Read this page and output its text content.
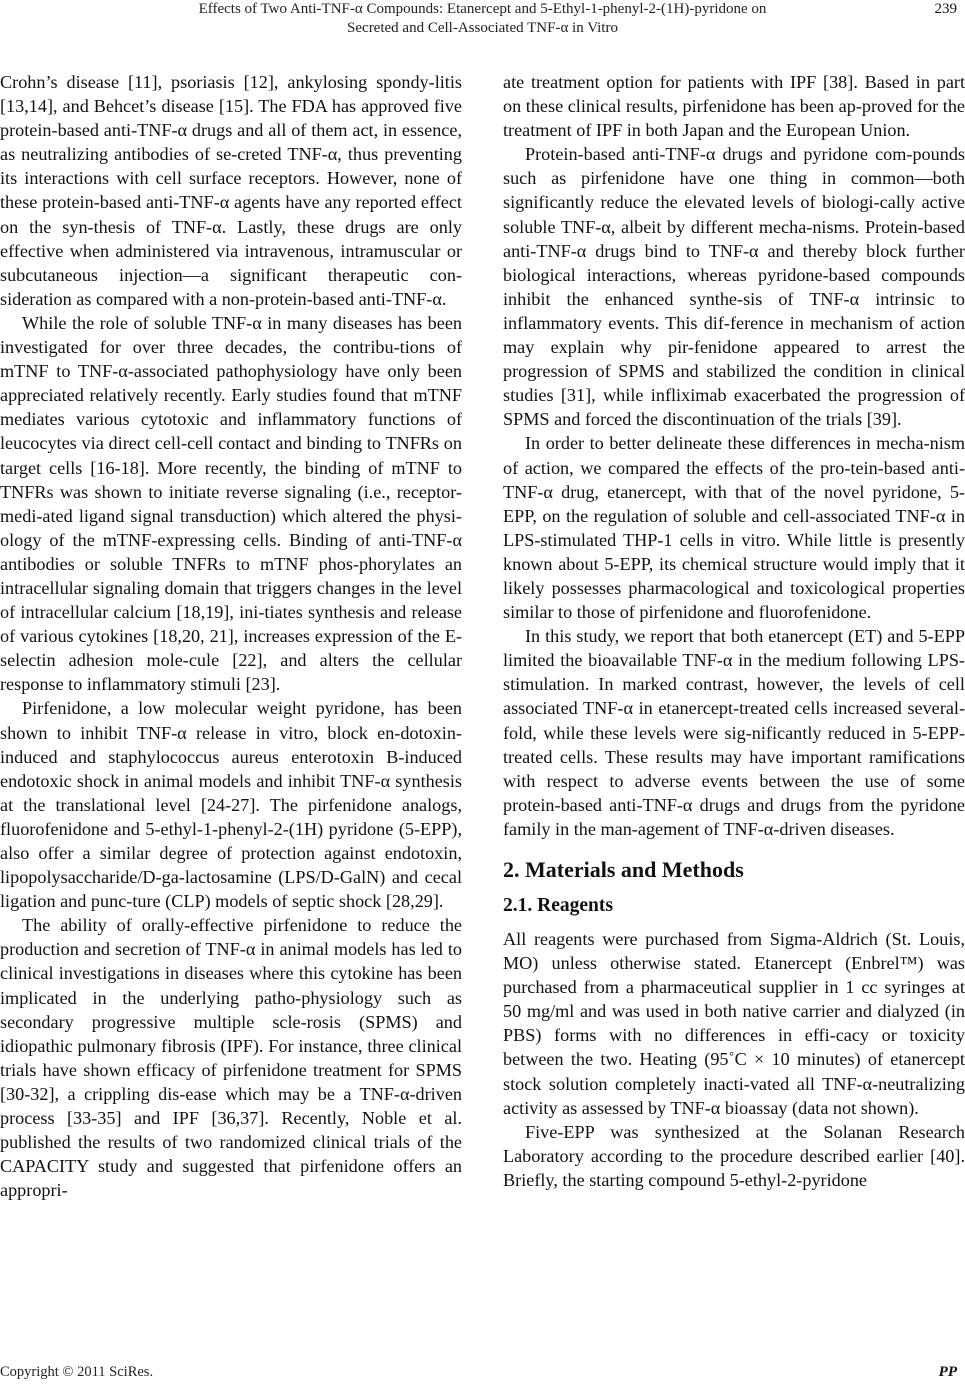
Effects of Two Anti-TNF-α Compounds: Etanercept and 5-Ethyl-1-phenyl-2-(1H)-pyridone on
Secreted and Cell-Associated TNF-α in Vitro
239

Crohn’s disease [11], psoriasis [12], ankylosing spondy-litis [13,14], and Behcet’s disease [15]. The FDA has approved five protein-based anti-TNF-α drugs and all of them act, in essence, as neutralizing antibodies of se-creted TNF-α, thus preventing its interactions with cell surface receptors. However, none of these protein-based anti-TNF-α agents have any reported effect on the syn-thesis of TNF-α. Lastly, these drugs are only effective when administered via intravenous, intramuscular or subcutaneous injection—a significant therapeutic con-sideration as compared with a non-protein-based anti-TNF-α.

While the role of soluble TNF-α in many diseases has been investigated for over three decades, the contribu-tions of mTNF to TNF-α-associated pathophysiology have only been appreciated relatively recently. Early studies found that mTNF mediates various cytotoxic and inflammatory functions of leucocytes via direct cell-cell contact and binding to TNFRs on target cells [16-18]. More recently, the binding of mTNF to TNFRs was shown to initiate reverse signaling (i.e., receptor-medi-ated ligand signal transduction) which altered the physi-ology of the mTNF-expressing cells. Binding of anti-TNF-α antibodies or soluble TNFRs to mTNF phos-phorylates an intracellular signaling domain that triggers changes in the level of intracellular calcium [18,19], ini-tiates synthesis and release of various cytokines [18,20, 21], increases expression of the E-selectin adhesion mole-cule [22], and alters the cellular response to inflammatory stimuli [23].

Pirfenidone, a low molecular weight pyridone, has been shown to inhibit TNF-α release in vitro, block en-dotoxin-induced and staphylococcus aureus enterotoxin B-induced endotoxic shock in animal models and inhibit TNF-α synthesis at the translational level [24-27]. The pirfenidone analogs, fluorofenidone and 5-ethyl-1-phenyl-2-(1H) pyridone (5-EPP), also offer a similar degree of protection against endotoxin, lipopolysaccharide/D-ga-lactosamine (LPS/D-GalN) and cecal ligation and punc-ture (CLP) models of septic shock [28,29].

The ability of orally-effective pirfenidone to reduce the production and secretion of TNF-α in animal models has led to clinical investigations in diseases where this cytokine has been implicated in the underlying patho-physiology such as secondary progressive multiple scle-rosis (SPMS) and idiopathic pulmonary fibrosis (IPF). For instance, three clinical trials have shown efficacy of pirfenidone treatment for SPMS [30-32], a crippling dis-ease which may be a TNF-α-driven process [33-35] and IPF [36,37]. Recently, Noble et al. published the results of two randomized clinical trials of the CAPACITY study and suggested that pirfenidone offers an appropri-

ate treatment option for patients with IPF [38]. Based in part on these clinical results, pirfenidone has been ap-proved for the treatment of IPF in both Japan and the European Union.

Protein-based anti-TNF-α drugs and pyridone com-pounds such as pirfenidone have one thing in common—both significantly reduce the elevated levels of biologi-cally active soluble TNF-α, albeit by different mecha-nisms. Protein-based anti-TNF-α drugs bind to TNF-α and thereby block further biological interactions, whereas pyridone-based compounds inhibit the enhanced synthe-sis of TNF-α intrinsic to inflammatory events. This dif-ference in mechanism of action may explain why pir-fenidone appeared to arrest the progression of SPMS and stabilized the condition in clinical studies [31], while infliximab exacerbated the progression of SPMS and forced the discontinuation of the trials [39].

In order to better delineate these differences in mecha-nism of action, we compared the effects of the pro-tein-based anti-TNF-α drug, etanercept, with that of the novel pyridone, 5-EPP, on the regulation of soluble and cell-associated TNF-α in LPS-stimulated THP-1 cells in vitro. While little is presently known about 5-EPP, its chemical structure would imply that it likely possesses pharmacological and toxicological properties similar to those of pirfenidone and fluorofenidone.

In this study, we report that both etanercept (ET) and 5-EPP limited the bioavailable TNF-α in the medium following LPS-stimulation. In marked contrast, however, the levels of cell associated TNF-α in etanercept-treated cells increased several-fold, while these levels were sig-nificantly reduced in 5-EPP-treated cells. These results may have important ramifications with respect to adverse events between the use of some protein-based anti-TNF-α drugs and drugs from the pyridone family in the man-agement of TNF-α-driven diseases.

2. Materials and Methods
2.1. Reagents

All reagents were purchased from Sigma-Aldrich (St. Louis, MO) unless otherwise stated. Etanercept (Enbrel™) was purchased from a pharmaceutical supplier in 1 cc syringes at 50 mg/ml and was used in both native carrier and dialyzed (in PBS) forms with no differences in effi-cacy or toxicity between the two. Heating (95˚C × 10 minutes) of etanercept stock solution completely inacti-vated all TNF-α-neutralizing activity as assessed by TNF-α bioassay (data not shown).

Five-EPP was synthesized at the Solanan Research Laboratory according to the procedure described earlier [40]. Briefly, the starting compound 5-ethyl-2-pyridone

Copyright © 2011 SciRes.	PP
